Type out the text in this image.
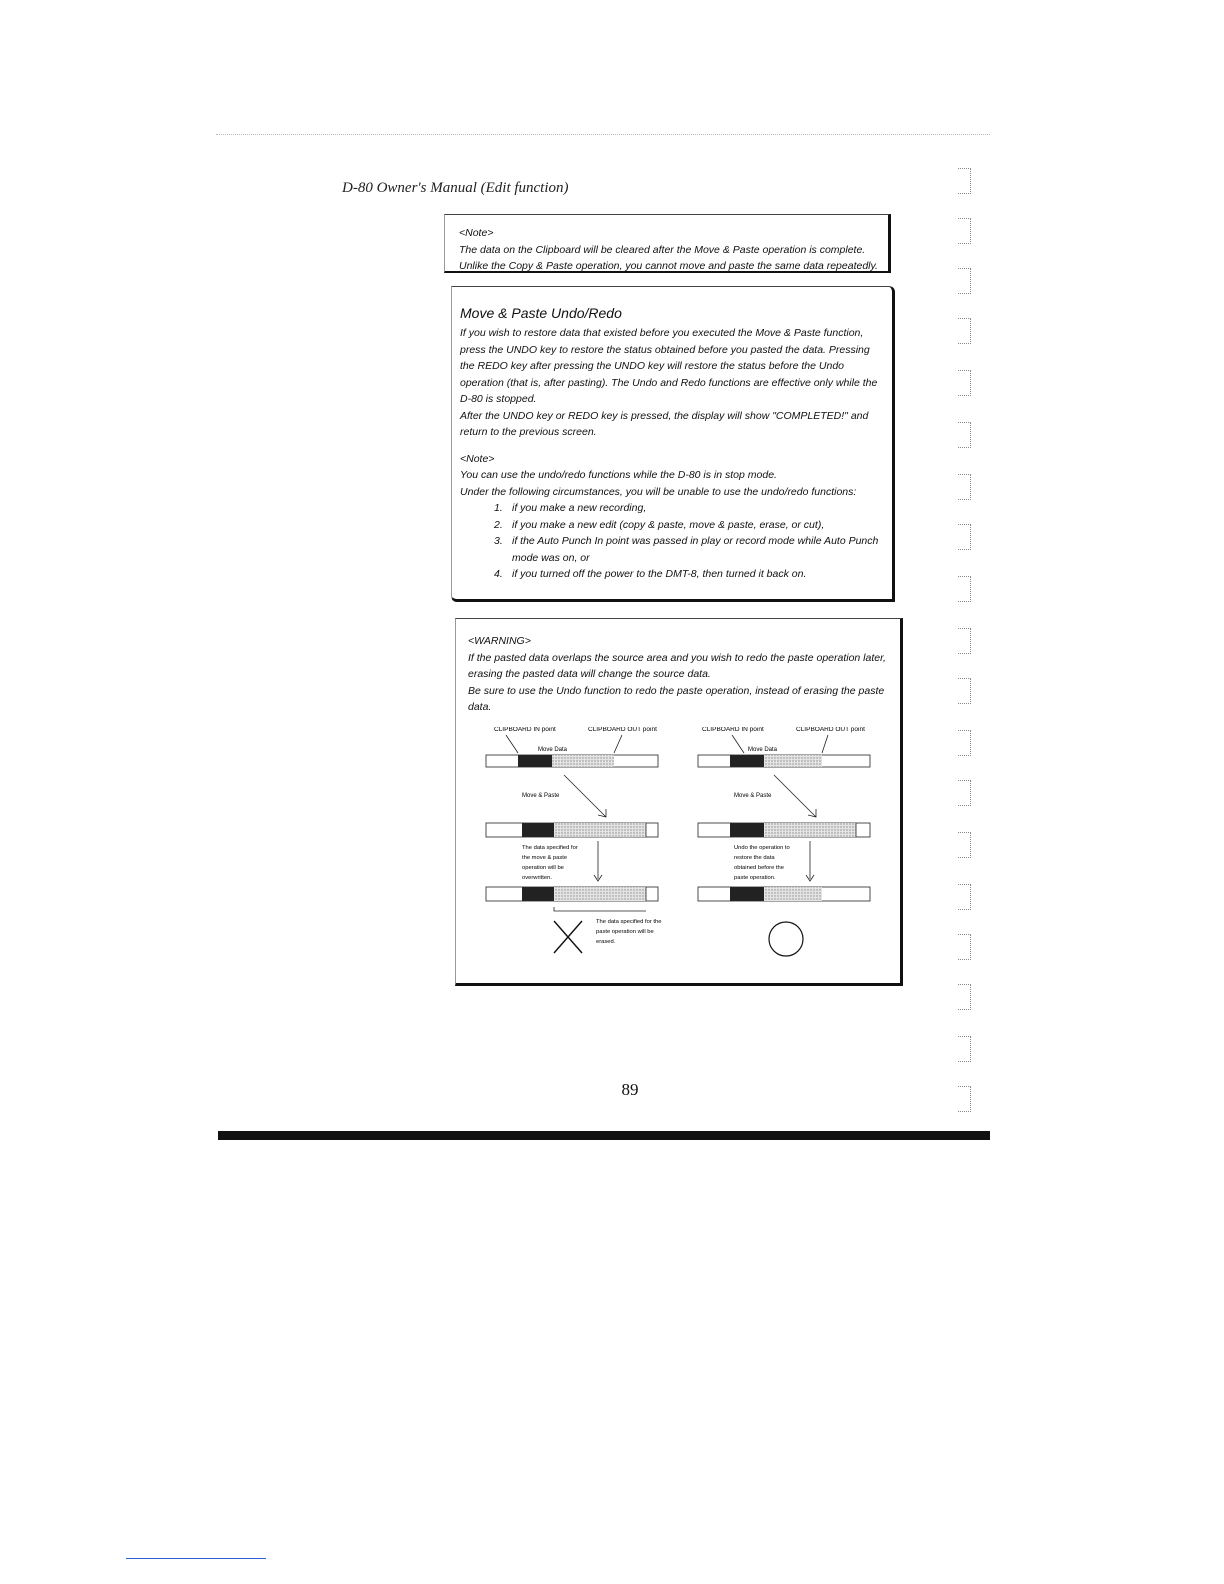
D-80 Owner's Manual (Edit function)

<Note>

The data on the Clipboard will be cleared after the Move & Paste operation is complete.

Unlike the Copy & Paste operation, you cannot move and paste the same data repeatedly.

Move & Paste Undo/Redo

If you wish to restore data that existed before you executed the Move & Paste function, press the UNDO key to restore the status obtained before you pasted the data. Pressing the REDO key after pressing the UNDO key will restore the status before the Undo operation (that is, after pasting). The Undo and Redo functions are effective only while the D-80 is stopped.

After the UNDO key or REDO key is pressed, the display will show "COMPLETED!" and return to the previous screen.

<Note>

You can use the undo/redo functions while the D-80 is in stop mode.

Under the following circumstances, you will be unable to use the undo/redo functions:

1. if you make a new recording,
2. if you make a new edit (copy & paste, move & paste, erase, or cut),
3. if the Auto Punch In point was passed in play or record mode while Auto Punch mode was on, or
4. if you turned off the power to the DMT-8, then turned it back on.

<WARNING>

If the pasted data overlaps the source area and you wish to redo the paste operation later, erasing the pasted data will change the source data.

Be sure to use the Undo function to redo the paste operation, instead of erasing the paste data.

CLIPBOARD IN point	CLIPBOARD OUT point
Move Data
Move & Paste
The data specified for
the move & paste
operation will be
overwritten.
The data specified for the
paste operation will be
erased.
CLIPBOARD IN point	CLIPBOARD OUT point
Move Data
Move & Paste
Undo the operation to
restore the data
obtained before the
paste operation.
89
